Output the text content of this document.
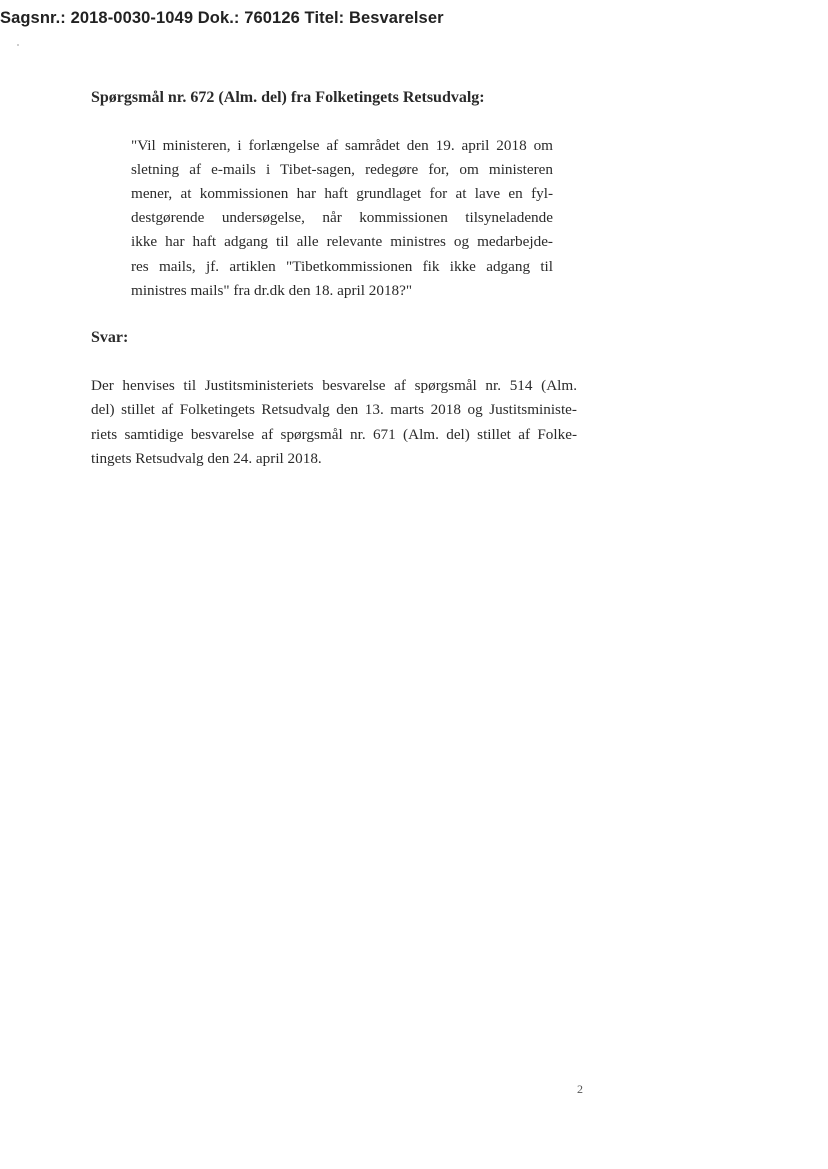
Sagsnr.: 2018-0030-1049 Dok.: 760126 Titel: Besvarelser
Spørgsmål nr. 672 (Alm. del) fra Folketingets Retsudvalg:
"Vil ministeren, i forlængelse af samrådet den 19. april 2018 om
sletning af e-mails i Tibet-sagen, redegøre for, om ministeren
mener, at kommissionen har haft grundlaget for at lave en fyl-
destgørende undersøgelse, når kommissionen tilsyneladende
ikke har haft adgang til alle relevante ministres og medarbejde-
res mails, jf. artiklen "Tibetkommissionen fik ikke adgang til
ministres mails" fra dr.dk den 18. april 2018?"
Svar:
Der henvises til Justitsministeriets besvarelse af spørgsmål nr. 514 (Alm.
del) stillet af Folketingets Retsudvalg den 13. marts 2018 og Justitsministe-
riets samtidige besvarelse af spørgsmål nr. 671 (Alm. del) stillet af Folke-
tingets Retsudvalg den 24. april 2018.
2
